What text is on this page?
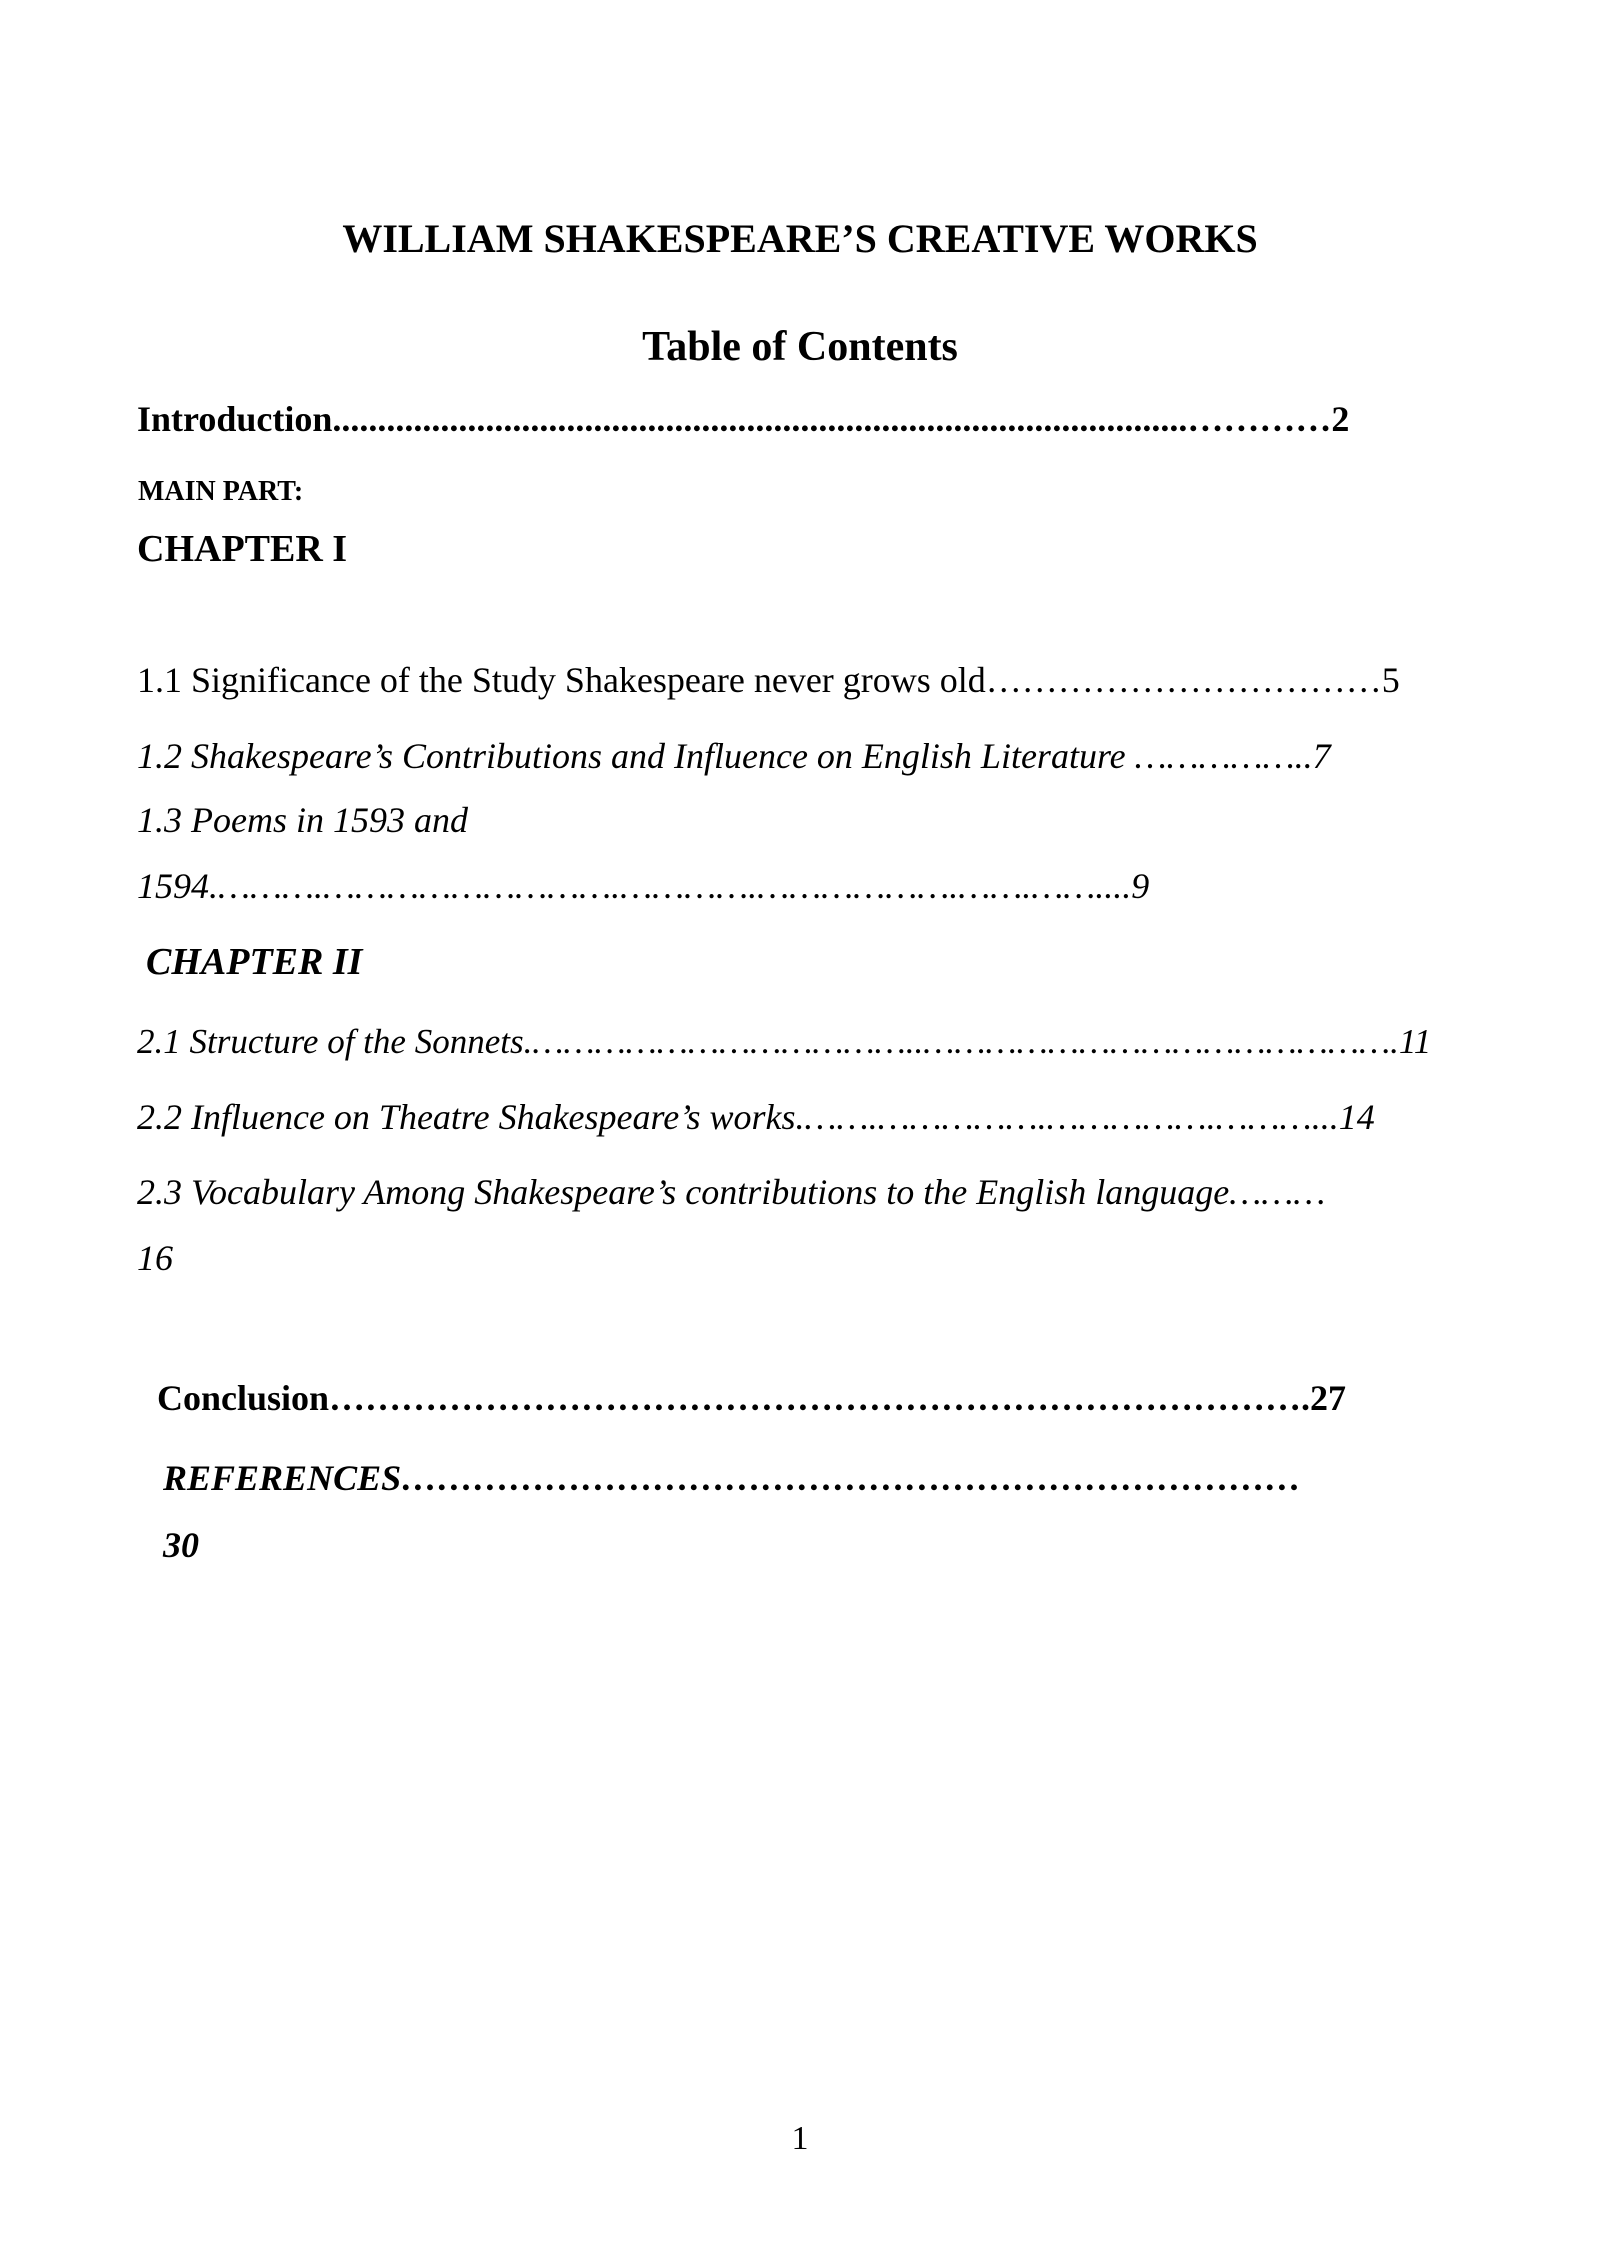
WILLIAM SHAKESPEARE’S CREATIVE WORKS
Table of Contents
Introduction...............................................................................................…………2
MAIN PART:
CHAPTER I
1.1 Significance of the Study Shakespeare never grows old……………………………5
1.2 Shakespeare’s Contributions and Influence on English Literature ……………..7
1.3 Poems in 1593 and
1594.……….……………………….………….……………….…….……....9
CHAPTER II
2.1 Structure of the Sonnets.………………………………..……………………………………….11
2.2 Influence on Theatre Shakespeare’s works.…….…………….…………….………...14
2.3 Vocabulary Among Shakespeare’s contributions to the English language………
16
Conclusion……………………………………………………………………….27
REFERENCES…………………………………………………………………
30
1
